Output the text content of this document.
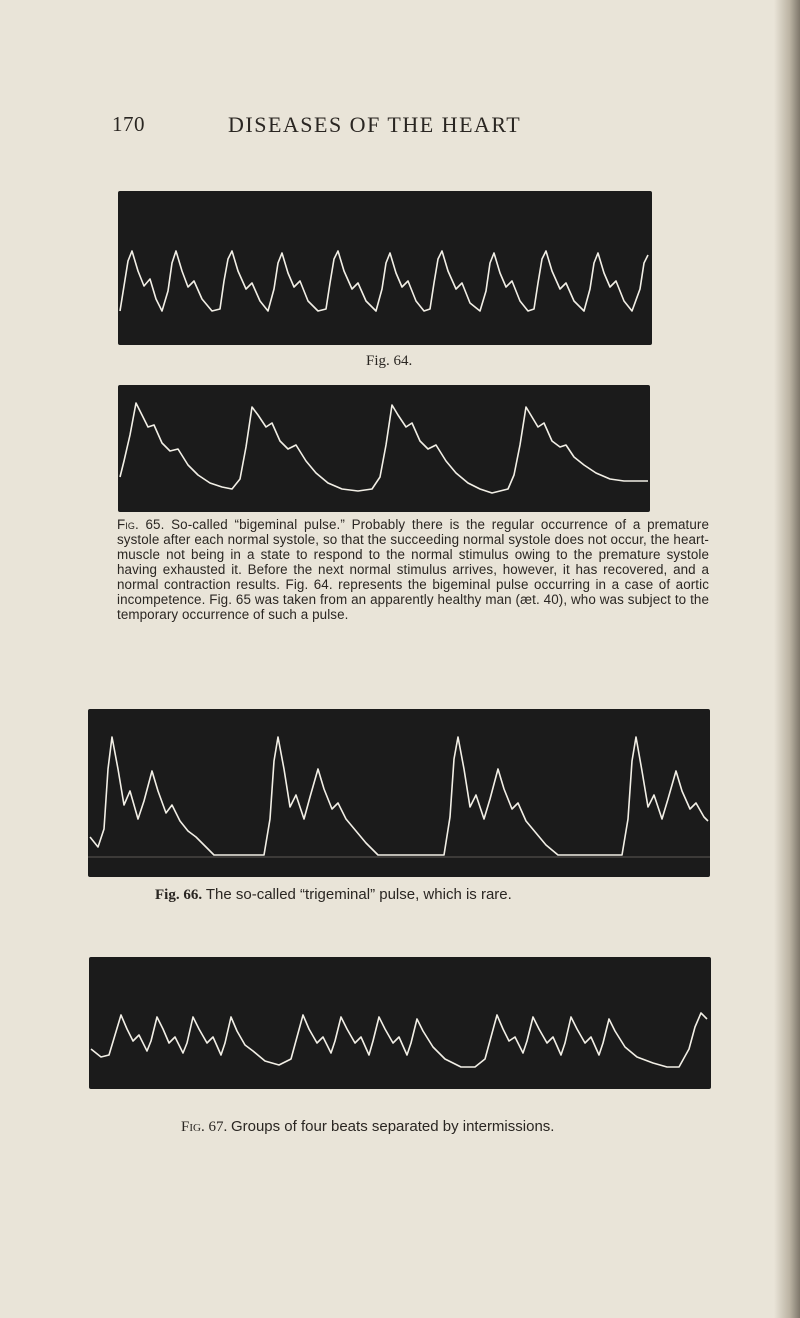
170	DISEASES OF THE HEART
Fig. 64.
Fig. 65. So-called “bigeminal pulse.” Probably there is the regular occurrence of a premature systole after each normal systole, so that the succeeding normal systole does not occur, the heart-muscle not being in a state to respond to the normal stimulus owing to the premature systole having exhausted it. Before the next normal stimulus arrives, however, it has recovered, and a normal contraction results. Fig. 64. represents the bigeminal pulse occurring in a case of aortic incompetence. Fig. 65 was taken from an apparently healthy man (æt. 40), who was subject to the temporary occurrence of such a pulse.
Fig. 66. The so-called “trigeminal” pulse, which is rare.
Fig. 67. Groups of four beats separated by intermissions.
